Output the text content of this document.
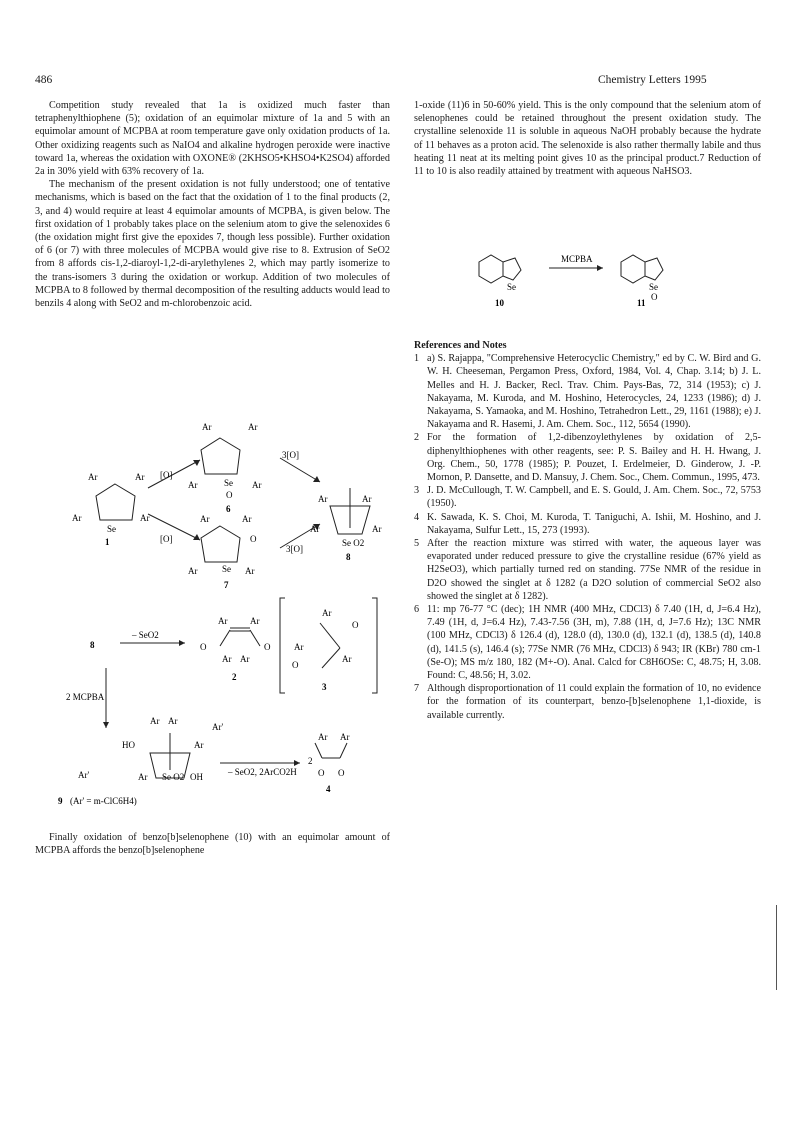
486	Chemistry Letters 1995

Competition study revealed that 1a is oxidized much faster than tetraphenylthiophene (5); oxidation of an equimolar mixture of 1a and 5 with an equimolar amount of MCPBA at room temperature gave only oxidation products of 1a. Other oxidizing reagents such as NaIO4 and alkaline hydrogen peroxide were inactive toward 1a, whereas the oxidation with OXONE® (2KHSO5•KHSO4•K2SO4) afforded 2a in 30% yield with 63% recovery of 1a.

The mechanism of the present oxidation is not fully understood; one of tentative mechanisms, which is based on the fact that the oxidation of 1 to the final products (2, 3, and 4) would require at least 4 equimolar amounts of MCPBA, is given below. The first oxidation of 1 probably takes place on the selenium atom to give the selenoxides 6 (the oxidation might first give the epoxides 7, though less possible). Further oxidation of 6 (or 7) with three molecules of MCPBA would give rise to 8. Extrusion of SeO2 from 8 affords cis-1,2-diaroyl-1,2-di-arylethylenes 2, which may partly isomerize to the trans-isomers 3 during the oxidation or workup. Addition of two molecules of MCPBA to 8 followed by thermal decomposition of the resulting adducts would lead to benzils 4 along with SeO2 and m-chlorobenzoic acid.

Ar	Ar
Ar	Ar
Se
1
[O]
[O]
Ar	Ar
Ar	Ar
Se
O
6
Ar	Ar
O
Ar	Ar
Se
7
3[O]
3[O]
Ar	Ar
Ar	Ar
Se O2
8
8
– SeO2
Ar	Ar
O	O
Ar Ar
2
Ar
O
O
Ar
Ar
3
2 MCPBA
Ar Ar
HO	Ar
Ar'
Ar'	Ar	OH
Se O2	– SeO2, 2ArCO2H
Ar Ar
2
O O
4
9 (Ar' = m-ClC6H4)

Finally oxidation of benzo[b]selenophene (10) with an equimolar amount of MCPBA affords the benzo[b]selenophene

1-oxide (11)6 in 50-60% yield. This is the only compound that the selenium atom of selenophenes could be retained throughout the present oxidation study. The crystalline selenoxide 11 is soluble in aqueous NaOH probably because the hydrate of 11 behaves as a proton acid. The selenoxide is also rather thermally labile and thus heating 11 neat at its melting point gives 10 as the principal product.7 Reduction of 11 to 10 is also readily attained by treatment with aqueous NaHSO3.

MCPBA
Se	Se
O
10	11

References and Notes

1 a) S. Rajappa, "Comprehensive Heterocyclic Chemistry," ed by C. W. Bird and G. W. H. Cheeseman, Pergamon Press, Oxford, 1984, Vol. 4, Chap. 3.14; b) J. L. Melles and H. J. Backer, Recl. Trav. Chim. Pays-Bas, 72, 314 (1953); c) J. Nakayama, M. Kuroda, and M. Hoshino, Heterocycles, 24, 1233 (1986); d) J. Nakayama, S. Yamaoka, and M. Hoshino, Tetrahedron Lett., 29, 1161 (1988); e) J. Nakayama and R. Hasemi, J. Am. Chem. Soc., 112, 5654 (1990).
2 For the formation of 1,2-dibenzoylethylenes by oxidation of 2,5-diphenylthiophenes with other reagents, see: P. S. Bailey and H. H. Hwang, J. Org. Chem., 50, 1778 (1985); P. Pouzet, I. Erdelmeier, D. Ginderow, J. -P. Mornon, P. Dansette, and D. Mansuy, J. Chem. Soc., Chem. Commun., 1995, 473.
3 J. D. McCullough, T. W. Campbell, and E. S. Gould, J. Am. Chem. Soc., 72, 5753 (1950).
4 K. Sawada, K. S. Choi, M. Kuroda, T. Taniguchi, A. Ishii, M. Hoshino, and J. Nakayama, Sulfur Lett., 15, 273 (1993).
5 After the reaction mixture was stirred with water, the aqueous layer was evaporated under reduced pressure to give the crystalline residue (67% yield as H2SeO3), which partially turned red on standing. 77Se NMR of the residue in D2O showed the singlet at δ 1282 (a D2O solution of commercial SeO2 also showed the singlet at δ 1282).
6 11: mp 76-77 °C (dec); 1H NMR (400 MHz, CDCl3) δ 7.40 (1H, d, J=6.4 Hz), 7.49 (1H, d, J=6.4 Hz), 7.43-7.56 (3H, m), 7.88 (1H, d, J=7.6 Hz); 13C NMR (100 MHz, CDCl3) δ 126.4 (d), 128.0 (d), 130.0 (d), 132.1 (d), 138.5 (d), 140.8 (d), 141.5 (s), 146.4 (s); 77Se NMR (76 MHz, CDCl3) δ 943; IR (KBr) 780 cm-1 (Se-O); MS m/z 180, 182 (M+-O). Anal. Calcd for C8H6OSe: C, 48.75; H, 3.08. Found: C, 48.56; H, 3.02.
7 Although disproportionation of 11 could explain the formation of 10, no evidence for the formation of its counterpart, benzo-[b]selenophene 1,1-dioxide, is available currently.
